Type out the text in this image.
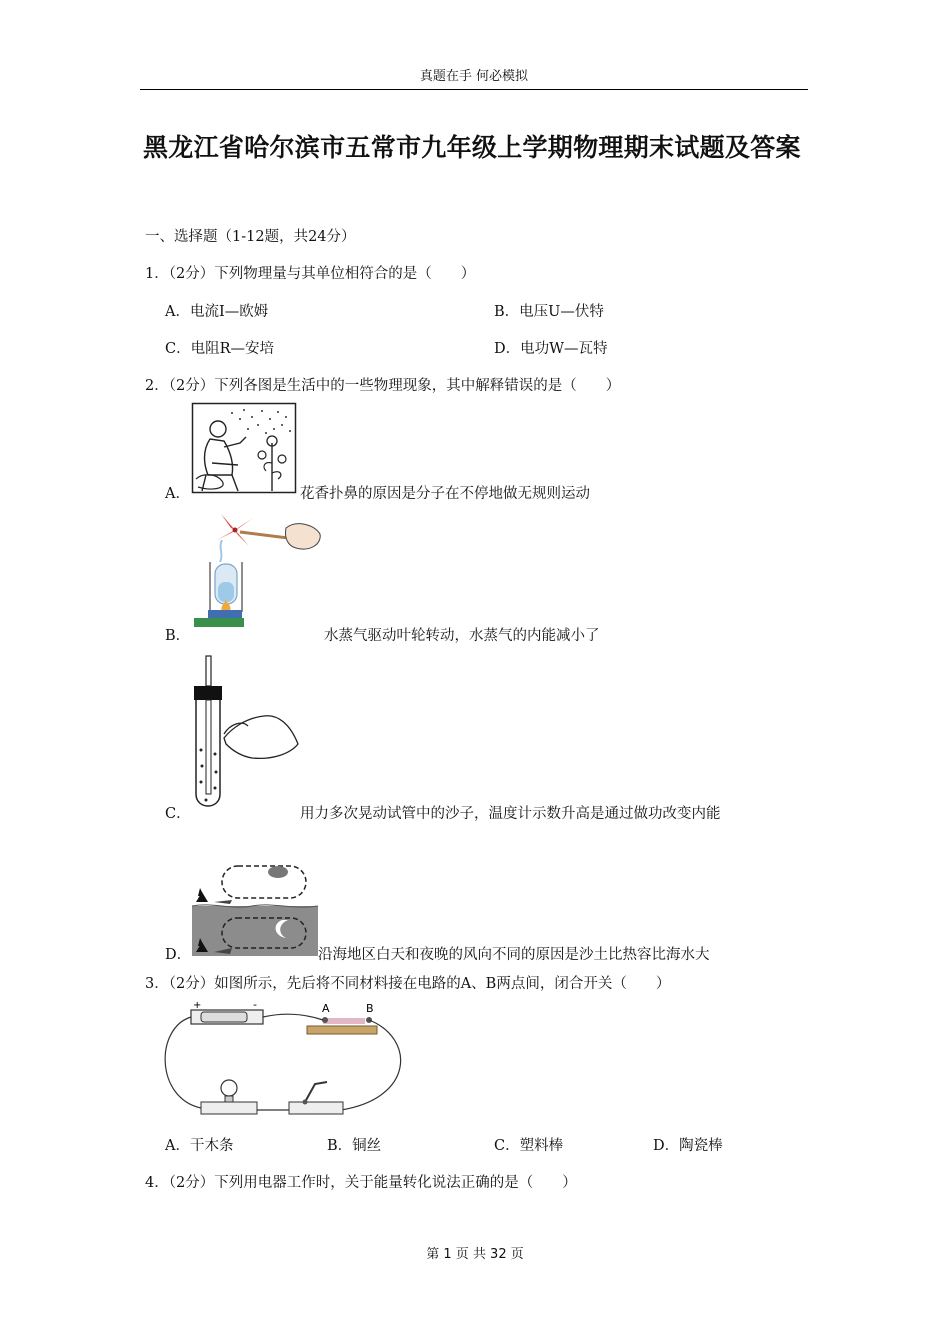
真题在手 何必模拟
黑龙江省哈尔滨市五常市九年级上学期物理期末试题及答案
一、选择题（1-12题，共24分）
1．（2分）下列物理量与其单位相符合的是（　　）
A．电流I—欧姆	B．电压U—伏特
C．电阻R—安培	D．电功W—瓦特
2．（2分）下列各图是生活中的一些物理现象，其中解释错误的是（　　）
A．	花香扑鼻的原因是分子在不停地做无规则运动
B．	水蒸气驱动叶轮转动，水蒸气的内能减小了
C．	用力多次晃动试管中的沙子，温度计示数升高是通过做功改变内能
D．	沿海地区白天和夜晚的风向不同的原因是沙土比热容比海水大
3．（2分）如图所示，先后将不同材料接在电路的A、B两点间，闭合开关（　　）
+	-	A	B
A．干木条	B．铜丝	C．塑料棒	D．陶瓷棒
4．（2分）下列用电器工作时，关于能量转化说法正确的是（　　）
第 1 页 共 32 页
